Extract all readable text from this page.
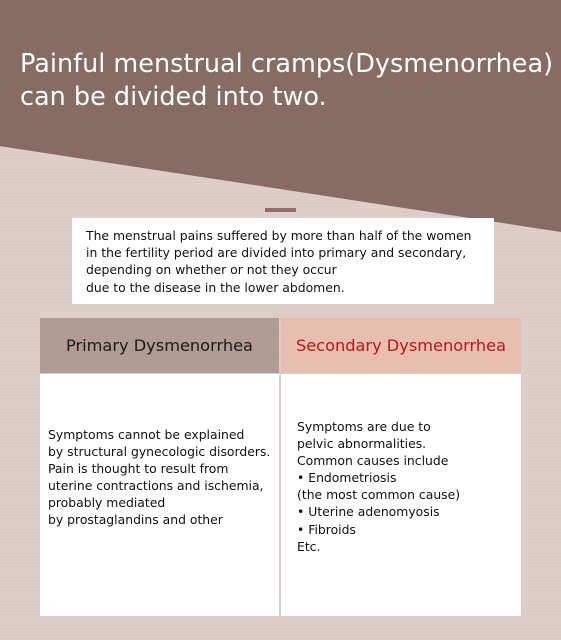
Painful menstrual cramps(Dysmenorrhea)
can be divided into two.

The menstrual pains suffered by more than half of the women
in the fertility period are divided into primary and secondary,
depending on whether or not they occur
due to the disease in the lower abdomen.

Primary Dysmenorrhea	Secondary Dysmenorrhea

Symptoms cannot be explained
by structural gynecologic disorders.
Pain is thought to result from
uterine contractions and ischemia,
probably mediated
by prostaglandins and other

Symptoms are due to
pelvic abnormalities.
Common causes include
• Endometriosis
(the most common cause)
• Uterine adenomyosis
• Fibroids
Etc.
